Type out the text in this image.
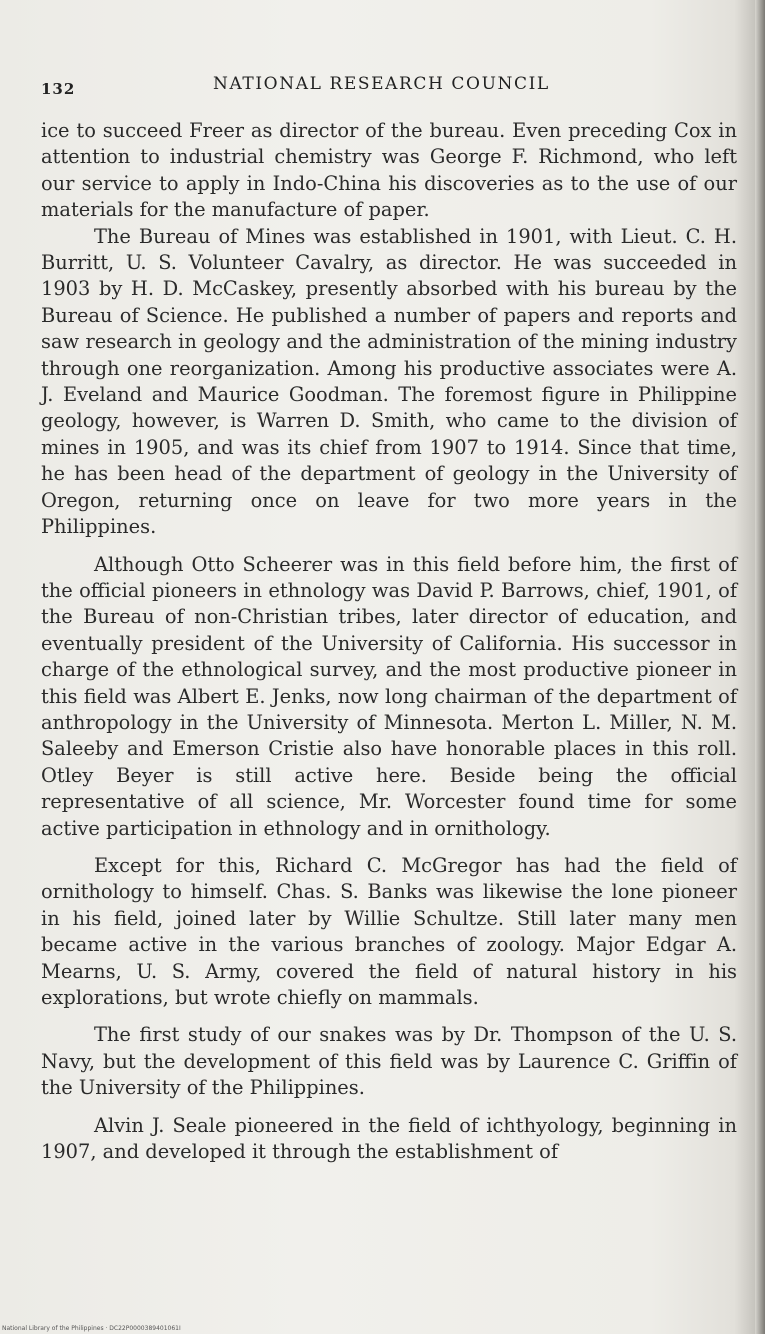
132	NATIONAL RESEARCH COUNCIL

ice to succeed Freer as director of the bureau. Even preceding Cox in attention to industrial chemistry was George F. Richmond, who left our service to apply in Indo-China his discoveries as to the use of our materials for the manufacture of paper.

The Bureau of Mines was established in 1901, with Lieut. C. H. Burritt, U. S. Volunteer Cavalry, as director. He was succeeded in 1903 by H. D. McCaskey, presently absorbed with his bureau by the Bureau of Science. He published a number of papers and reports and saw research in geology and the administration of the mining industry through one reorganization. Among his productive associates were A. J. Eveland and Maurice Goodman. The foremost figure in Philippine geology, however, is Warren D. Smith, who came to the division of mines in 1905, and was its chief from 1907 to 1914. Since that time, he has been head of the department of geology in the University of Oregon, returning once on leave for two more years in the Philippines.

Although Otto Scheerer was in this field before him, the first of the official pioneers in ethnology was David P. Barrows, chief, 1901, of the Bureau of non-Christian tribes, later director of education, and eventually president of the University of California. His successor in charge of the ethnological survey, and the most productive pioneer in this field was Albert E. Jenks, now long chairman of the department of anthropology in the University of Minnesota. Merton L. Miller, N. M. Saleeby and Emerson Cristie also have honorable places in this roll. Otley Beyer is still active here. Beside being the official representative of all science, Mr. Worcester found time for some active participation in ethnology and in ornithology.

Except for this, Richard C. McGregor has had the field of ornithology to himself. Chas. S. Banks was likewise the lone pioneer in his field, joined later by Willie Schultze. Still later many men became active in the various branches of zoology. Major Edgar A. Mearns, U. S. Army, covered the field of natural history in his explorations, but wrote chiefly on mammals.

The first study of our snakes was by Dr. Thompson of the U. S. Navy, but the development of this field was by Laurence C. Griffin of the University of the Philippines.

Alvin J. Seale pioneered in the field of ichthyology, beginning in 1907, and developed it through the establishment of

National Library of the Philippines · DC22P0000389401061I
